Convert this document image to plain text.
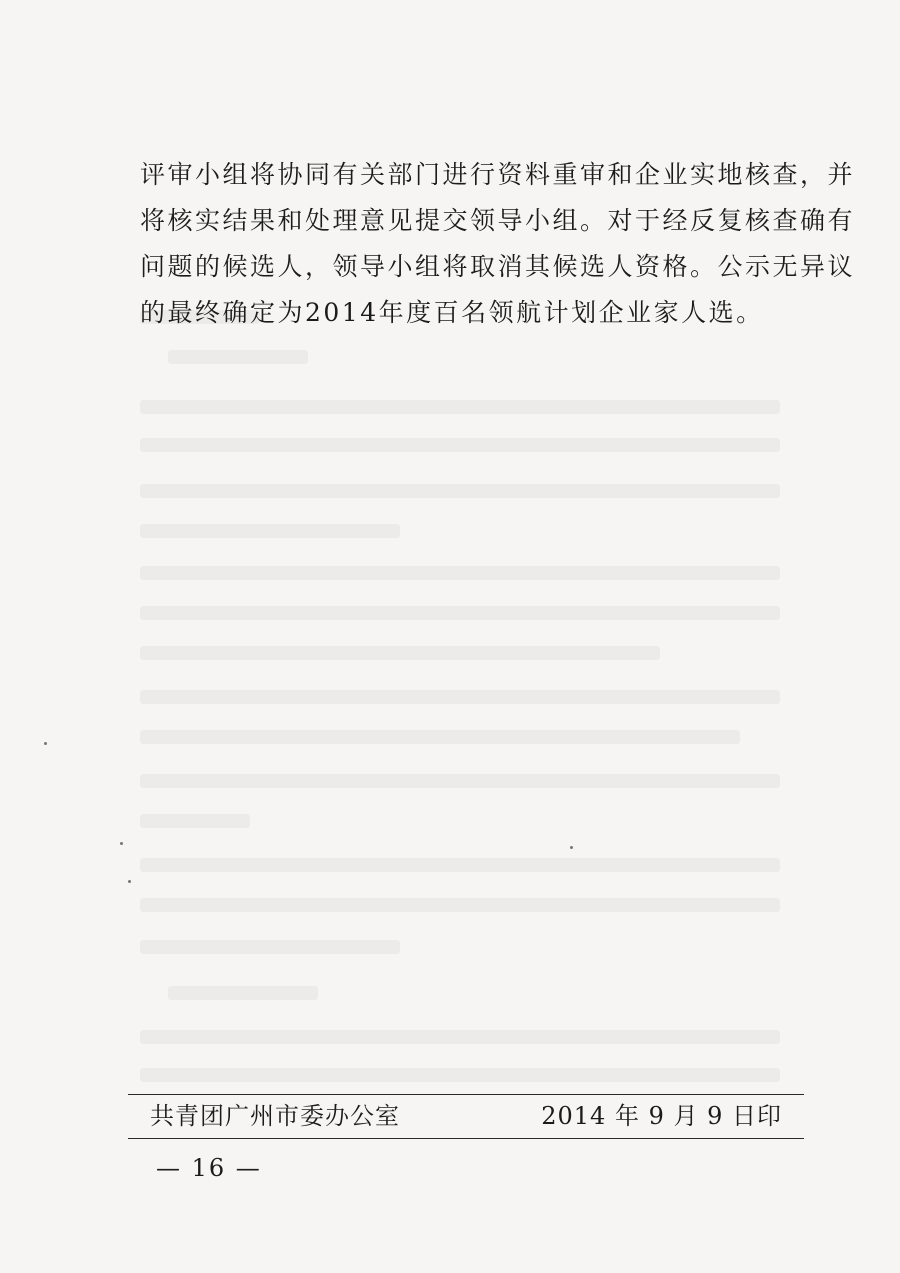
评审小组将协同有关部门进行资料重审和企业实地核查，并

将核实结果和处理意见提交领导小组。对于经反复核查确有

问题的候选人，领导小组将取消其候选人资格。公示无异议

的最终确定为2014年度百名领航计划企业家人选。

共青团广州市委办公室	2014 年 9 月 9 日印
— 16 —
